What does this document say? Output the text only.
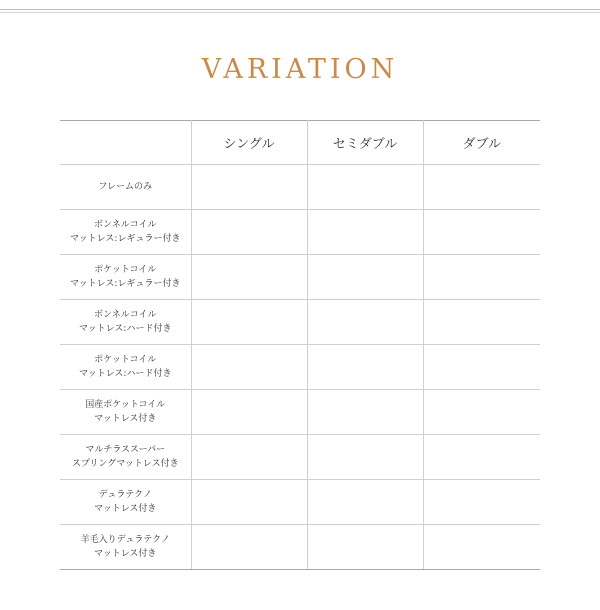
VARIATION
	シングル	セミダブル	ダブル

フレームのみ			

ボンネルコイル
マットレス:レギュラー付き			

ポケットコイル
マットレス:レギュラー付き			

ボンネルコイル
マットレス:ハード付き			

ポケットコイル
マットレス:ハード付き			

国産ポケットコイル
マットレス付き			

マルチラススーパー
スプリングマットレス付き			

デュラテクノ
マットレス付き			

羊毛入りデュラテクノ
マットレス付き			
